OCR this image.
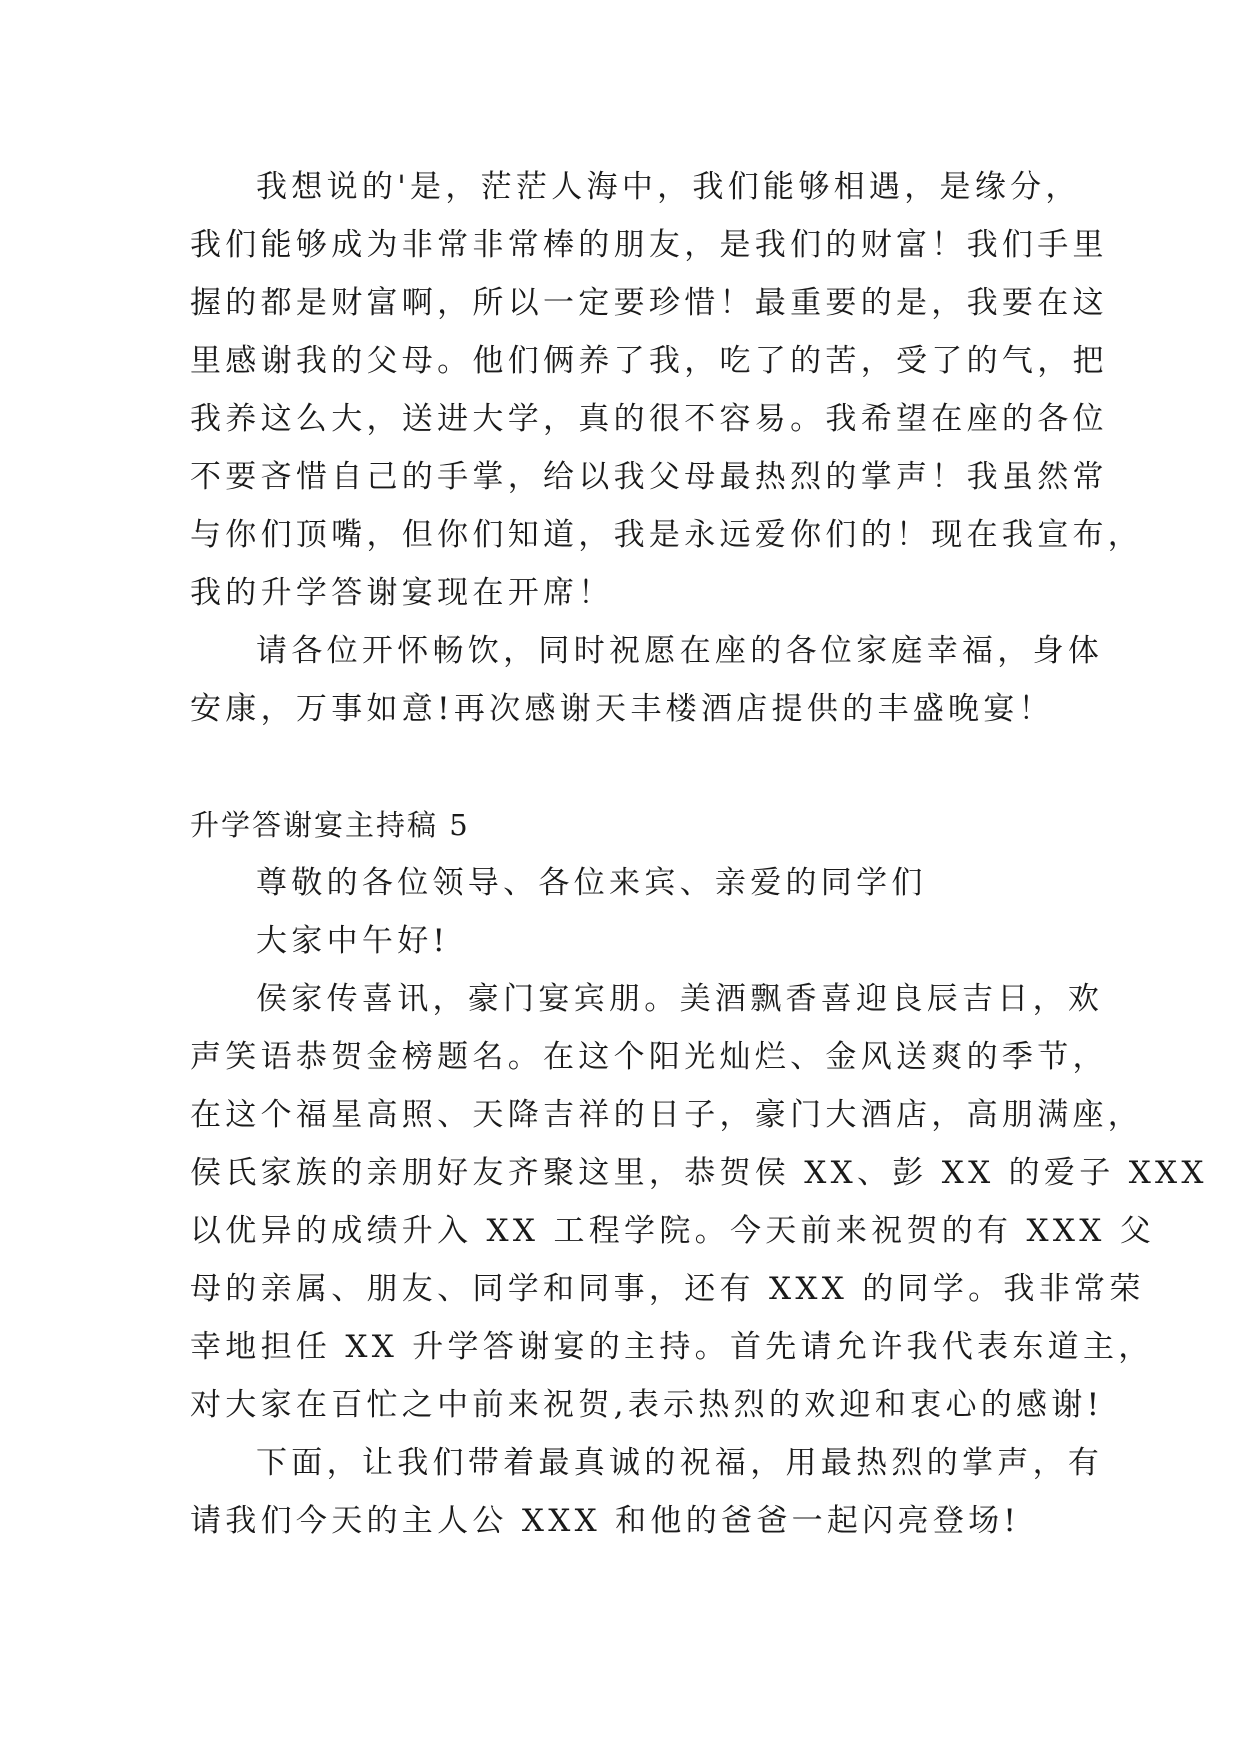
我想说的'是，茫茫人海中，我们能够相遇，是缘分，
我们能够成为非常非常棒的朋友，是我们的财富！我们手里
握的都是财富啊，所以一定要珍惜！最重要的是，我要在这
里感谢我的父母。他们俩养了我，吃了的苦，受了的气，把
我养这么大，送进大学，真的很不容易。我希望在座的各位
不要吝惜自己的手掌，给以我父母最热烈的掌声！我虽然常
与你们顶嘴，但你们知道，我是永远爱你们的！现在我宣布，
我的升学答谢宴现在开席！
请各位开怀畅饮，同时祝愿在座的各位家庭幸福，身体
安康，万事如意!再次感谢天丰楼酒店提供的丰盛晚宴！
升学答谢宴主持稿 5
尊敬的各位领导、各位来宾、亲爱的同学们
大家中午好!
侯家传喜讯，豪门宴宾朋。美酒飘香喜迎良辰吉日，欢
声笑语恭贺金榜题名。在这个阳光灿烂、金风送爽的季节，
在这个福星高照、天降吉祥的日子，豪门大酒店，高朋满座，
侯氏家族的亲朋好友齐聚这里，恭贺侯 XX、彭 XX 的爱子 XXX
以优异的成绩升入 XX 工程学院。今天前来祝贺的有 XXX 父
母的亲属、朋友、同学和同事，还有 XXX 的同学。我非常荣
幸地担任 XX 升学答谢宴的主持。首先请允许我代表东道主，
对大家在百忙之中前来祝贺,表示热烈的欢迎和衷心的感谢!
下面，让我们带着最真诚的祝福，用最热烈的掌声，有
请我们今天的主人公 XXX 和他的爸爸一起闪亮登场!
